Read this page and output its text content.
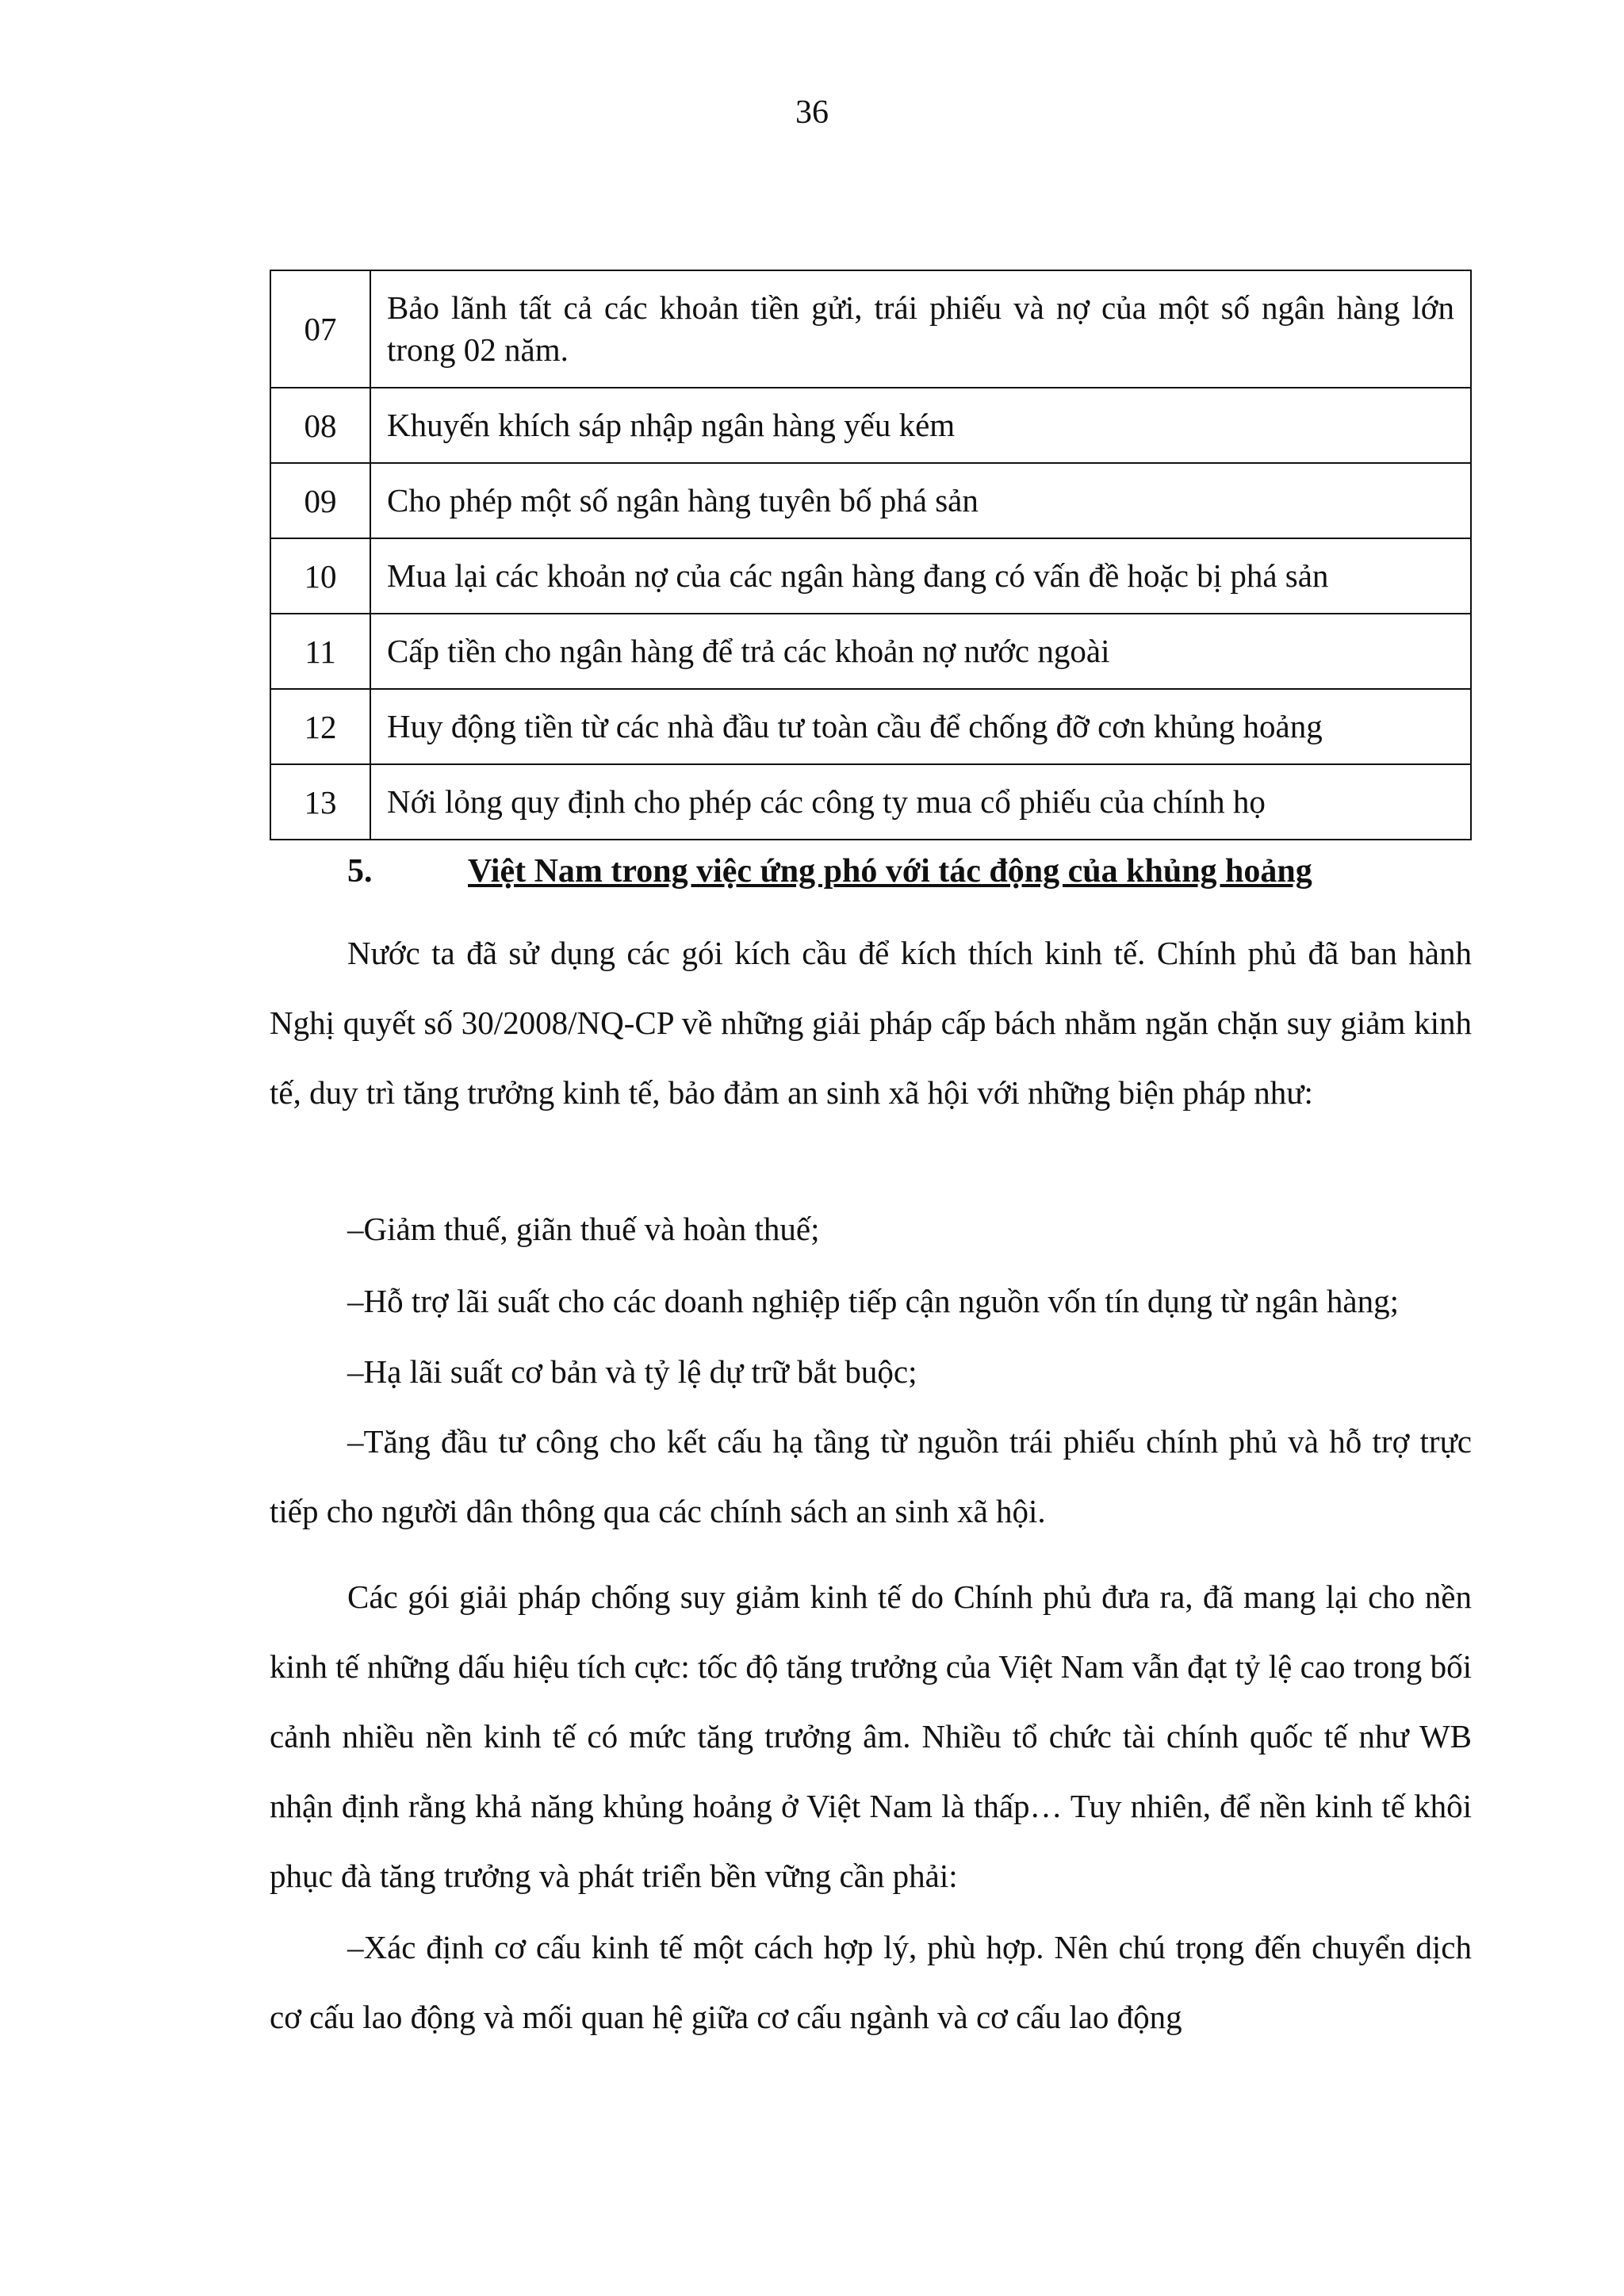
36
07	Bảo lãnh tất cả các khoản tiền gửi, trái phiếu và nợ của một số ngân hàng lớn trong 02 năm.
08	Khuyến khích sáp nhập ngân hàng yếu kém
09	Cho phép một số ngân hàng tuyên bố phá sản
10	Mua lại các khoản nợ của các ngân hàng đang có vấn đề hoặc bị phá sản
11	Cấp tiền cho ngân hàng để trả các khoản nợ nước ngoài
12	Huy động tiền từ các nhà đầu tư toàn cầu để chống đỡ cơn khủng hoảng
13	Nới lỏng quy định cho phép các công ty mua cổ phiếu của chính họ
5.	Việt Nam trong việc ứng phó với tác động của khủng hoảng

Nước ta đã sử dụng các gói kích cầu để kích thích kinh tế. Chính phủ đã ban hành Nghị quyết số 30/2008/NQ-CP về những giải pháp cấp bách nhằm ngăn chặn suy giảm kinh tế, duy trì tăng trưởng kinh tế, bảo đảm an sinh xã hội với những biện pháp như:

–Giảm thuế, giãn thuế và hoàn thuế;

–Hỗ trợ lãi suất cho các doanh nghiệp tiếp cận nguồn vốn tín dụng từ ngân hàng;

–Hạ lãi suất cơ bản và tỷ lệ dự trữ bắt buộc;

–Tăng đầu tư công cho kết cấu hạ tầng từ nguồn trái phiếu chính phủ và hỗ trợ trực tiếp cho người dân thông qua các chính sách an sinh xã hội.

Các gói giải pháp chống suy giảm kinh tế do Chính phủ đưa ra, đã mang lại cho nền kinh tế những dấu hiệu tích cực: tốc độ tăng trưởng của Việt Nam vẫn đạt tỷ lệ cao trong bối cảnh nhiều nền kinh tế có mức tăng trưởng âm. Nhiều tổ chức tài chính quốc tế như WB nhận định rằng khả năng khủng hoảng ở Việt Nam là thấp… Tuy nhiên, để nền kinh tế khôi phục đà tăng trưởng và phát triển bền vững cần phải:

–Xác định cơ cấu kinh tế một cách hợp lý, phù hợp. Nên chú trọng đến chuyển dịch cơ cấu lao động và mối quan hệ giữa cơ cấu ngành và cơ cấu lao động
